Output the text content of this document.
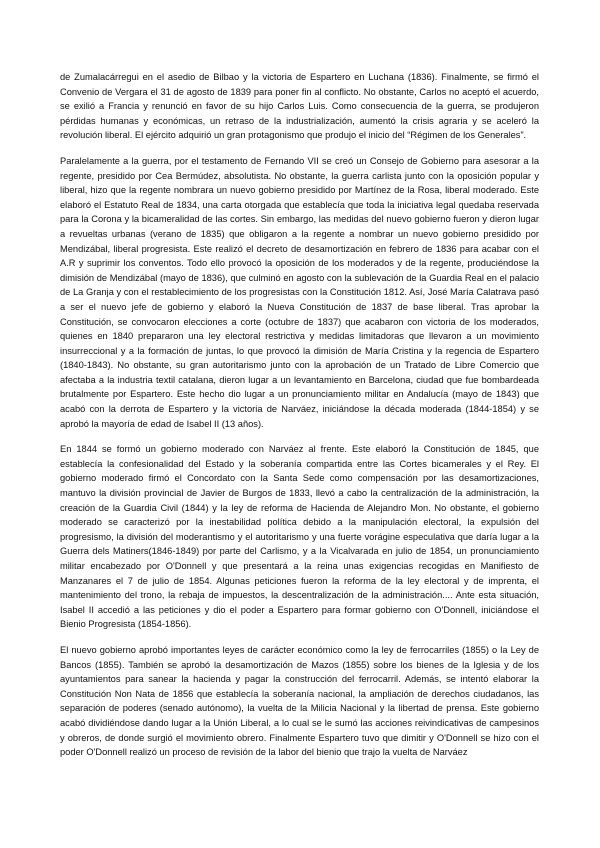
de Zumalacárregui en el asedio de Bilbao y la victoria de Espartero en Luchana (1836). Finalmente, se firmó el Convenio de Vergara el 31 de agosto de 1839 para poner fin al conflicto. No obstante, Carlos no aceptó el acuerdo, se exilió a Francia y renunció en favor de su hijo Carlos Luis. Como consecuencia de la guerra, se produjeron pérdidas humanas y económicas, un retraso de la industrialización, aumentó la crisis agraria y se aceleró la revolución liberal. El ejército adquirió un gran protagonismo que produjo el inicio del “Régimen de los Generales”.

Paralelamente a la guerra, por el testamento de Fernando VII se creó un Consejo de Gobierno para asesorar a la regente, presidido por Cea Bermúdez, absolutista. No obstante, la guerra carlista junto con la oposición popular y liberal, hizo que la regente nombrara un nuevo gobierno presidido por Martínez de la Rosa, liberal moderado. Este elaboró el Estatuto Real de 1834, una carta otorgada que establecía que toda la iniciativa legal quedaba reservada para la Corona y la bicameralidad de las cortes. Sin embargo, las medidas del nuevo gobierno fueron y dieron lugar a revueltas urbanas (verano de 1835) que obligaron a la regente a nombrar un nuevo gobierno presidido por Mendizábal, liberal progresista. Este realizó el decreto de desamortización en febrero de 1836 para acabar con el A.R y suprimir los conventos. Todo ello provocó la oposición de los moderados y de la regente, produciéndose la dimisión de Mendizábal (mayo de 1836), que culminó en agosto con la sublevación de la Guardia Real en el palacio de La Granja y con el restablecimiento de los progresistas con la Constitución 1812. Así, José María Calatrava pasó a ser el nuevo jefe de gobierno y elaboró la Nueva Constitución de 1837 de base liberal. Tras aprobar la Constitución, se convocaron elecciones a corte (octubre de 1837) que acabaron con victoria de los moderados, quienes en 1840 prepararon una ley electoral restrictiva y medidas limitadoras que llevaron a un movimiento insurreccional y a la formación de juntas, lo que provocó la dimisión de María Cristina y la regencia de Espartero (1840-1843). No obstante, su gran autoritarismo junto con la aprobación de un Tratado de Libre Comercio que afectaba a la industria textil catalana, dieron lugar a un levantamiento en Barcelona, ciudad que fue bombardeada brutalmente por Espartero. Este hecho dio lugar a un pronunciamiento militar en Andalucía (mayo de 1843) que acabó con la derrota de Espartero y la victoria de Narváez, iniciándose la década moderada (1844-1854) y se aprobó la mayoría de edad de Isabel II (13 años).

En 1844 se formó un gobierno moderado con Narváez al frente. Este elaboró la Constitución de 1845, que establecía la confesionalidad del Estado y la soberanía compartida entre las Cortes bicamerales y el Rey. El gobierno moderado firmó el Concordato con la Santa Sede como compensación por las desamortizaciones, mantuvo la división provincial de Javier de Burgos de 1833, llevó a cabo la centralización de la administración, la creación de la Guardia Civil (1844) y la ley de reforma de Hacienda de Alejandro Mon. No obstante, el gobierno moderado se caracterizó por la inestabilidad política debido a la manipulación electoral, la expulsión del progresismo, la división del moderantismo y el autoritarismo y una fuerte vorágine especulativa que daría lugar a la Guerra dels Matiners(1846-1849) por parte del Carlismo, y a la Vicalvarada en julio de 1854, un pronunciamiento militar encabezado por O'Donnell y que presentará a la reina unas exigencias recogidas en Manifiesto de Manzanares el 7 de julio de 1854. Algunas peticiones fueron la reforma de la ley electoral y de imprenta, el mantenimiento del trono, la rebaja de impuestos, la descentralización de la administración.... Ante esta situación, Isabel II accedió a las peticiones y dio el poder a Espartero para formar gobierno con O'Donnell, iniciándose el Bienio Progresista (1854-1856).

El nuevo gobierno aprobó importantes leyes de carácter económico como la ley de ferrocarriles (1855) o la Ley de Bancos (1855). También se aprobó la desamortización de Mazos (1855) sobre los bienes de la Iglesia y de los ayuntamientos para sanear la hacienda y pagar la construcción del ferrocarril. Además, se intentó elaborar la Constitución Non Nata de 1856 que establecía la soberanía nacional, la ampliación de derechos ciudadanos, las separación de poderes (senado autónomo), la vuelta de la Milicia Nacional y la libertad de prensa. Este gobierno acabó dividiéndose dando lugar a la Unión Liberal, a lo cual se le sumó las acciones reivindicativas de campesinos y obreros, de donde surgió el movimiento obrero. Finalmente Espartero tuvo que dimitir y O'Donnell se hizo con el poder O'Donnell realizó un proceso de revisión de la labor del bienio que trajo la vuelta de Narváez
